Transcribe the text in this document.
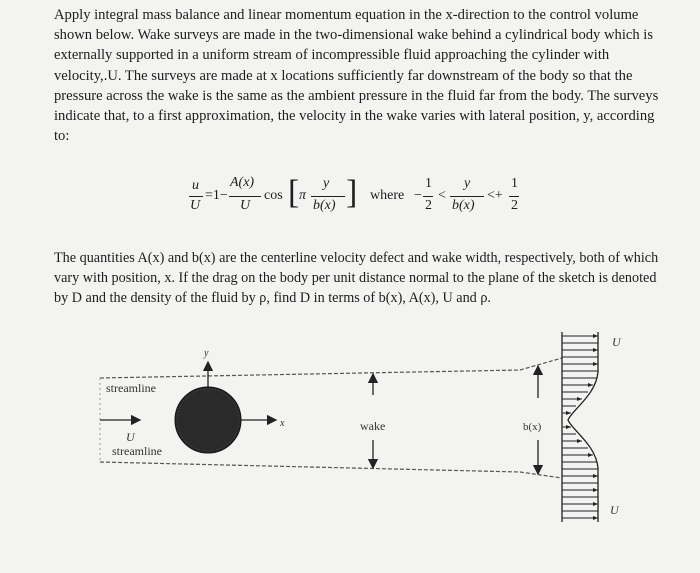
Apply integral mass balance and linear momentum equation in the x-direction to the control volume shown below. Wake surveys are made in the two-dimensional wake behind a cylindrical body which is externally supported in a uniform stream of incompressible fluid approaching the cylinder with velocity,.U. The surveys are made at x locations sufficiently far downstream of the body so that the pressure across the wake is the same as the ambient pressure in the fluid far from the body. The surveys indicate that, to a first approximation, the velocity in the wake varies with lateral position, y, according to:

u
U
=1−
A(x)
U
cos [ π
y
b(x) ] where −
1
2
<
y
b(x)
<+
1
2

The quantities A(x) and b(x) are the centerline velocity defect and wake width, respectively, both of which vary with position, x. If the drag on the body per unit distance normal to the plane of the sketch is denoted by D and the density of the fluid by ρ, find D in terms of b(x), A(x), U and ρ.

streamline
U
streamline
y
x	wake	b(x)
U
U
